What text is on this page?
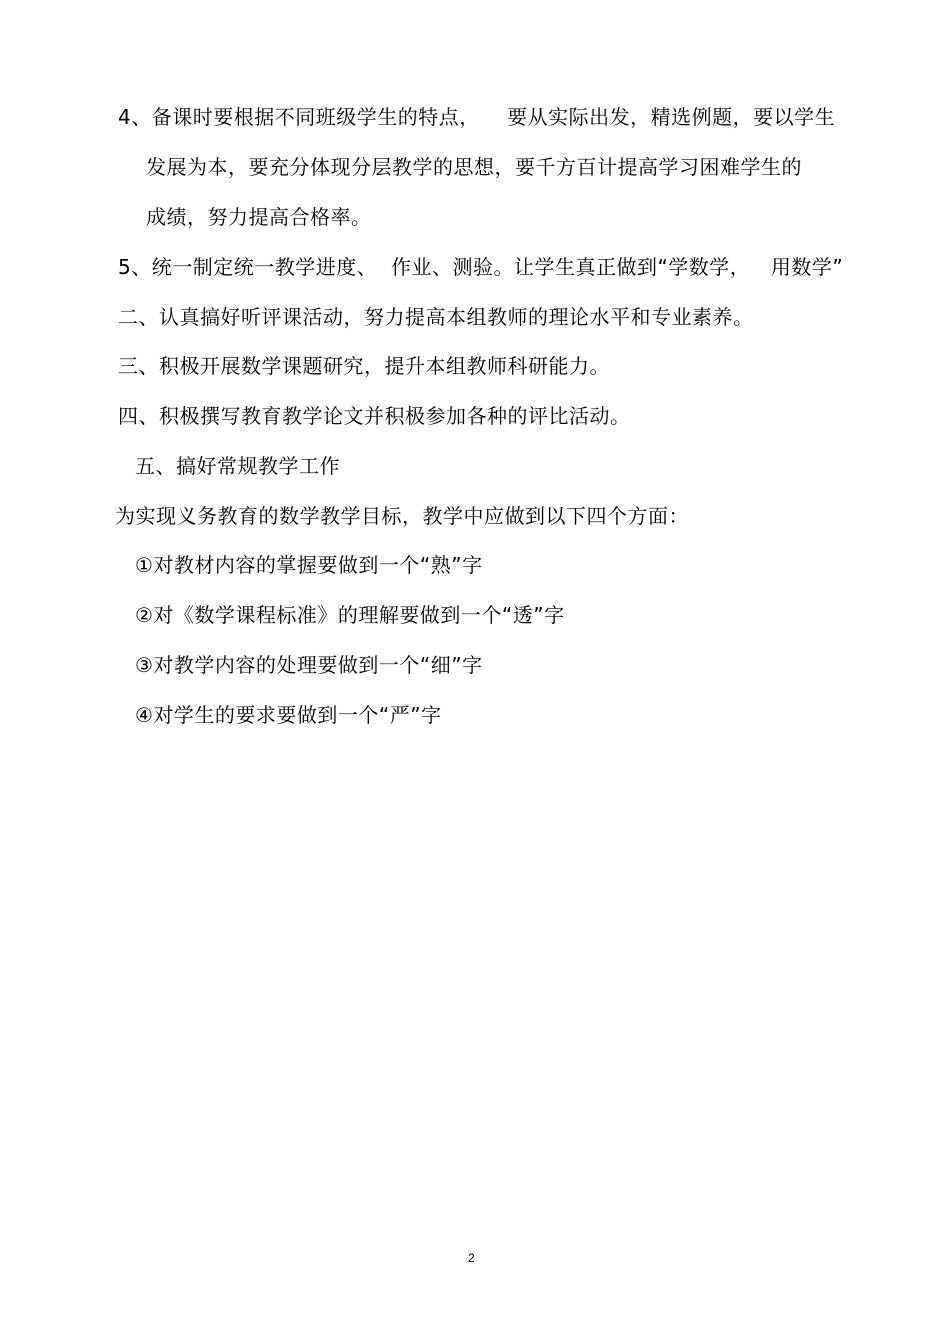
4、备课时要根据不同班级学生的特点，    要从实际出发，精选例题，要以学生
发展为本，要充分体现分层教学的思想，要千方百计提高学习困难学生的
成绩，努力提高合格率。
5、统一制定统一教学进度、  作业、测验。让学生真正做到“学数学，   用数学”
二、认真搞好听评课活动，努力提高本组教师的理论水平和专业素养。
三、积极开展数学课题研究，提升本组教师科研能力。
四、积极撰写教育教学论文并积极参加各种的评比活动。
五、搞好常规教学工作
为实现义务教育的数学教学目标，教学中应做到以下四个方面：
①对教材内容的掌握要做到一个“熟”字
②对《数学课程标准》的理解要做到一个“透”字
③对教学内容的处理要做到一个“细”字
④对学生的要求要做到一个“严”字
2
